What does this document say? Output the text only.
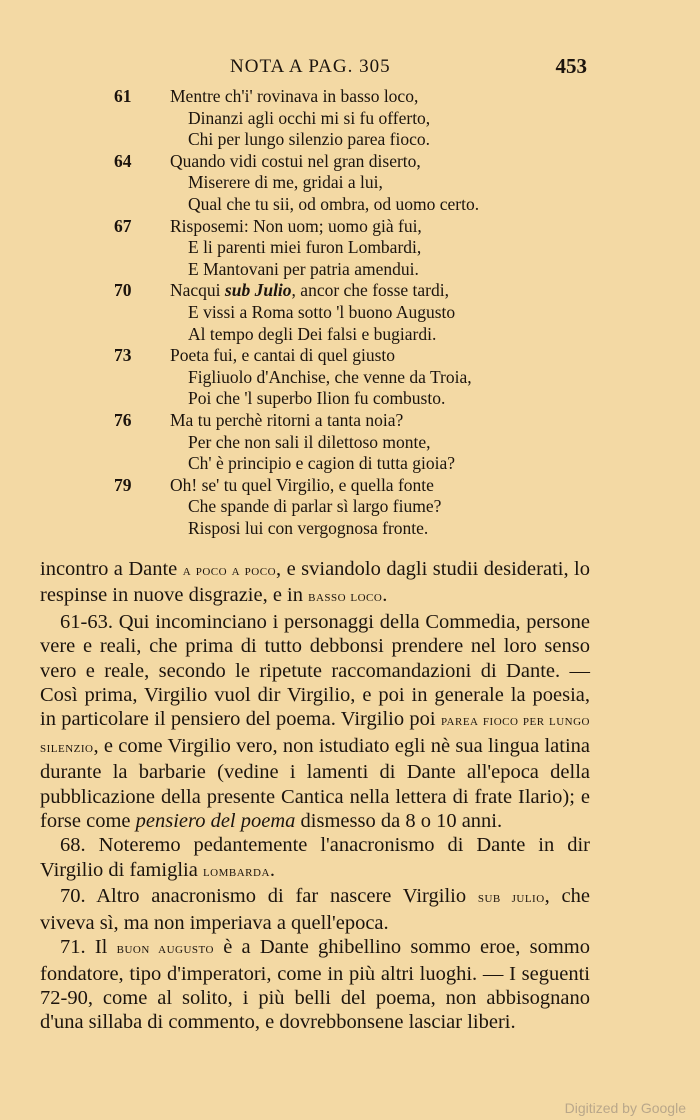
NOTA A PAG. 305	453
61 Mentre ch'i' rovinava in basso loco,
Dinanzi agli occhi mi si fu offerto,
Chi per lungo silenzio parea fioco.
64 Quando vidi costui nel gran diserto,
Miserere di me, gridai a lui,
Qual che tu sii, od ombra, od uomo certo.
67 Risposemi: Non uom; uomo già fui,
E li parenti miei furon Lombardi,
E Mantovani per patria amendui.
70 Nacqui sub Julio, ancor che fosse tardi,
E vissi a Roma sotto 'l buono Augusto
Al tempo degli Dei falsi e bugiardi.
73 Poeta fui, e cantai di quel giusto
Figliuolo d'Anchise, che venne da Troia,
Poi che 'l superbo Ilion fu combusto.
76 Ma tu perchè ritorni a tanta noia?
Per che non sali il dilettoso monte,
Ch' è principio e cagion di tutta gioia?
79 Oh! se' tu quel Virgilio, e quella fonte
Che spande di parlar sì largo fiume?
Risposi lui con vergognosa fronte.

incontro a Dante a poco a poco, e sviandolo dagli studii desiderati, lo respinse in nuove disgrazie, e in basso loco.

61-63. Qui incominciano i personaggi della Commedia, persone vere e reali, che prima di tutto debbonsi prendere nel loro senso vero e reale, secondo le ripetute raccomandazioni di Dante. — Così prima, Virgilio vuol dir Virgilio, e poi in generale la poesia, in particolare il pensiero del poema. Virgilio poi parea fioco per lungo silenzio, e come Virgilio vero, non istudiato egli nè sua lingua latina durante la barbarie (vedine i lamenti di Dante all'epoca della pubblicazione della presente Cantica nella lettera di frate Ilario); e forse come pensiero del poema dismesso da 8 o 10 anni.

68. Noteremo pedantemente l'anacronismo di Dante in dir Virgilio di famiglia lombarda.

70. Altro anacronismo di far nascere Virgilio sub julio, che viveva sì, ma non imperiava a quell'epoca.

71. Il buon augusto è a Dante ghibellino sommo eroe, sommo fondatore, tipo d'imperatori, come in più altri luoghi. — I seguenti 72-90, come al solito, i più belli del poema, non abbisognano d'una sillaba di commento, e dovrebbonsene lasciar liberi.

Digitized by Google
